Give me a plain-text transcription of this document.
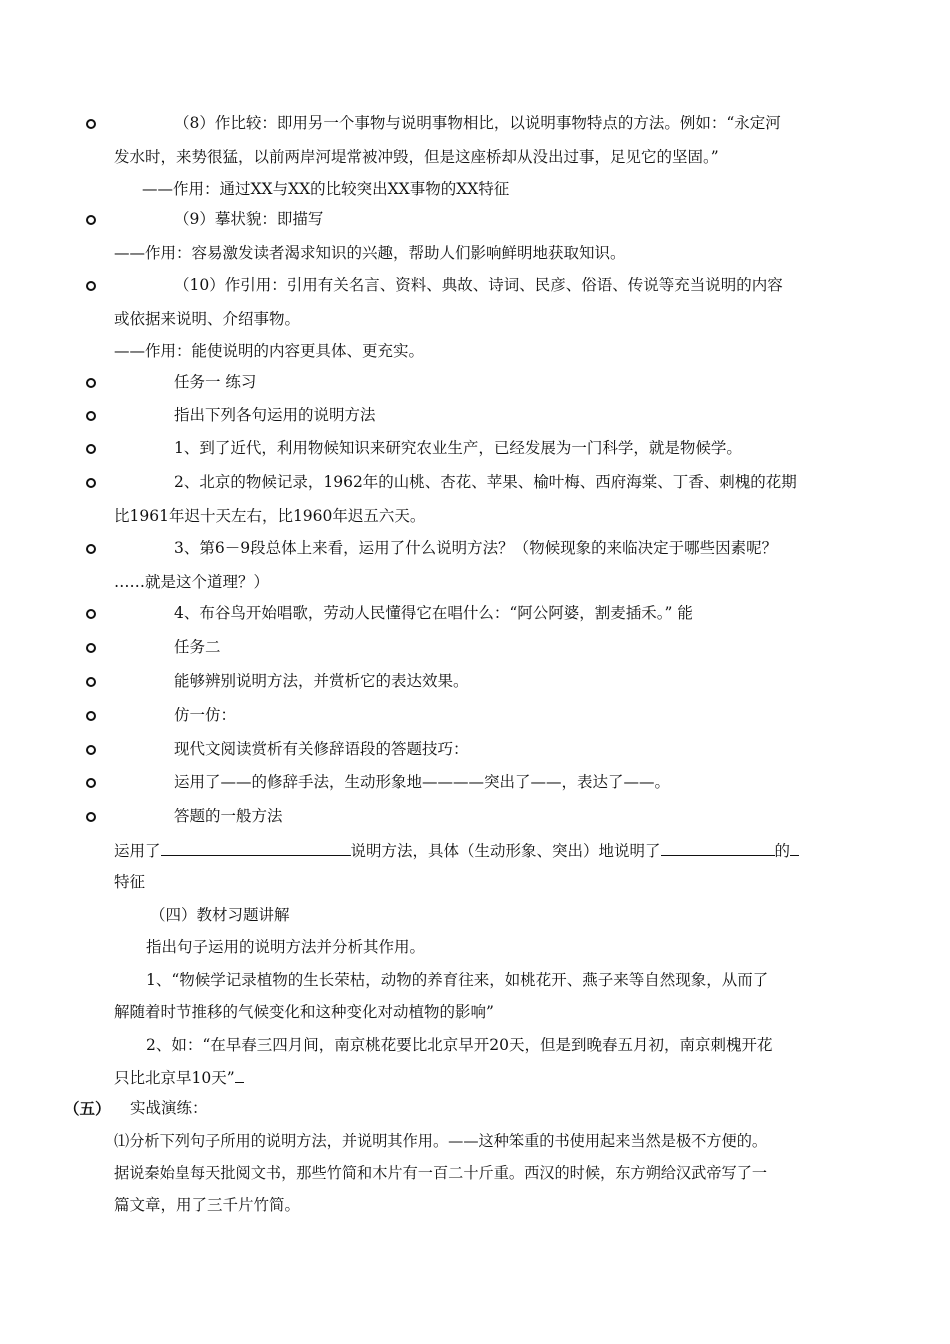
（8）作比较：即用另一个事物与说明事物相比，以说明事物特点的方法。例如：“永定河
发水时，来势很猛，以前两岸河堤常被冲毁，但是这座桥却从没出过事，足见它的坚固。”
——作用：通过XX与XX的比较突出XX事物的XX特征
（9）摹状貌：即描写
——作用：容易激发读者渴求知识的兴趣，帮助人们影响鲜明地获取知识。
（10）作引用：引用有关名言、资料、典故、诗词、民彦、俗语、传说等充当说明的内容
或依据来说明、介绍事物。
——作用：能使说明的内容更具体、更充实。
任务一 练习
指出下列各句运用的说明方法
1、到了近代，利用物候知识来研究农业生产，已经发展为一门科学，就是物候学。
2、北京的物候记录，1962年的山桃、杏花、苹果、榆叶梅、西府海棠、丁香、刺槐的花期
比1961年迟十天左右，比1960年迟五六天。
3、第6－9段总体上来看，运用了什么说明方法？（物候现象的来临决定于哪些因素呢？
……就是这个道理？）
4、布谷鸟开始唱歌，劳动人民懂得它在唱什么：“阿公阿婆，割麦插禾。” 能
任务二
能够辨别说明方法，并赏析它的表达效果。
仿一仿：
现代文阅读赏析有关修辞语段的答题技巧：
运用了——的修辞手法，生动形象地————突出了——，表达了——。
答题的一般方法
运用了	说明方法，具体（生动形象、突出）地说明了	的
特征
（四）教材习题讲解
指出句子运用的说明方法并分析其作用。
1、“物候学记录植物的生长荣枯，动物的养育往来，如桃花开、燕子来等自然现象，从而了
解随着时节推移的气候变化和这种变化对动植物的影响”
2、如：“在早春三四月间，南京桃花要比北京早开20天，但是到晚春五月初，南京刺槐开花
只比北京早10天”
（五） 实战演练：
⑴分析下列句子所用的说明方法，并说明其作用。——这种笨重的书使用起来当然是极不方便的。
据说秦始皇每天批阅文书，那些竹简和木片有一百二十斤重。西汉的时候，东方朔给汉武帝写了一
篇文章，用了三千片竹简。
